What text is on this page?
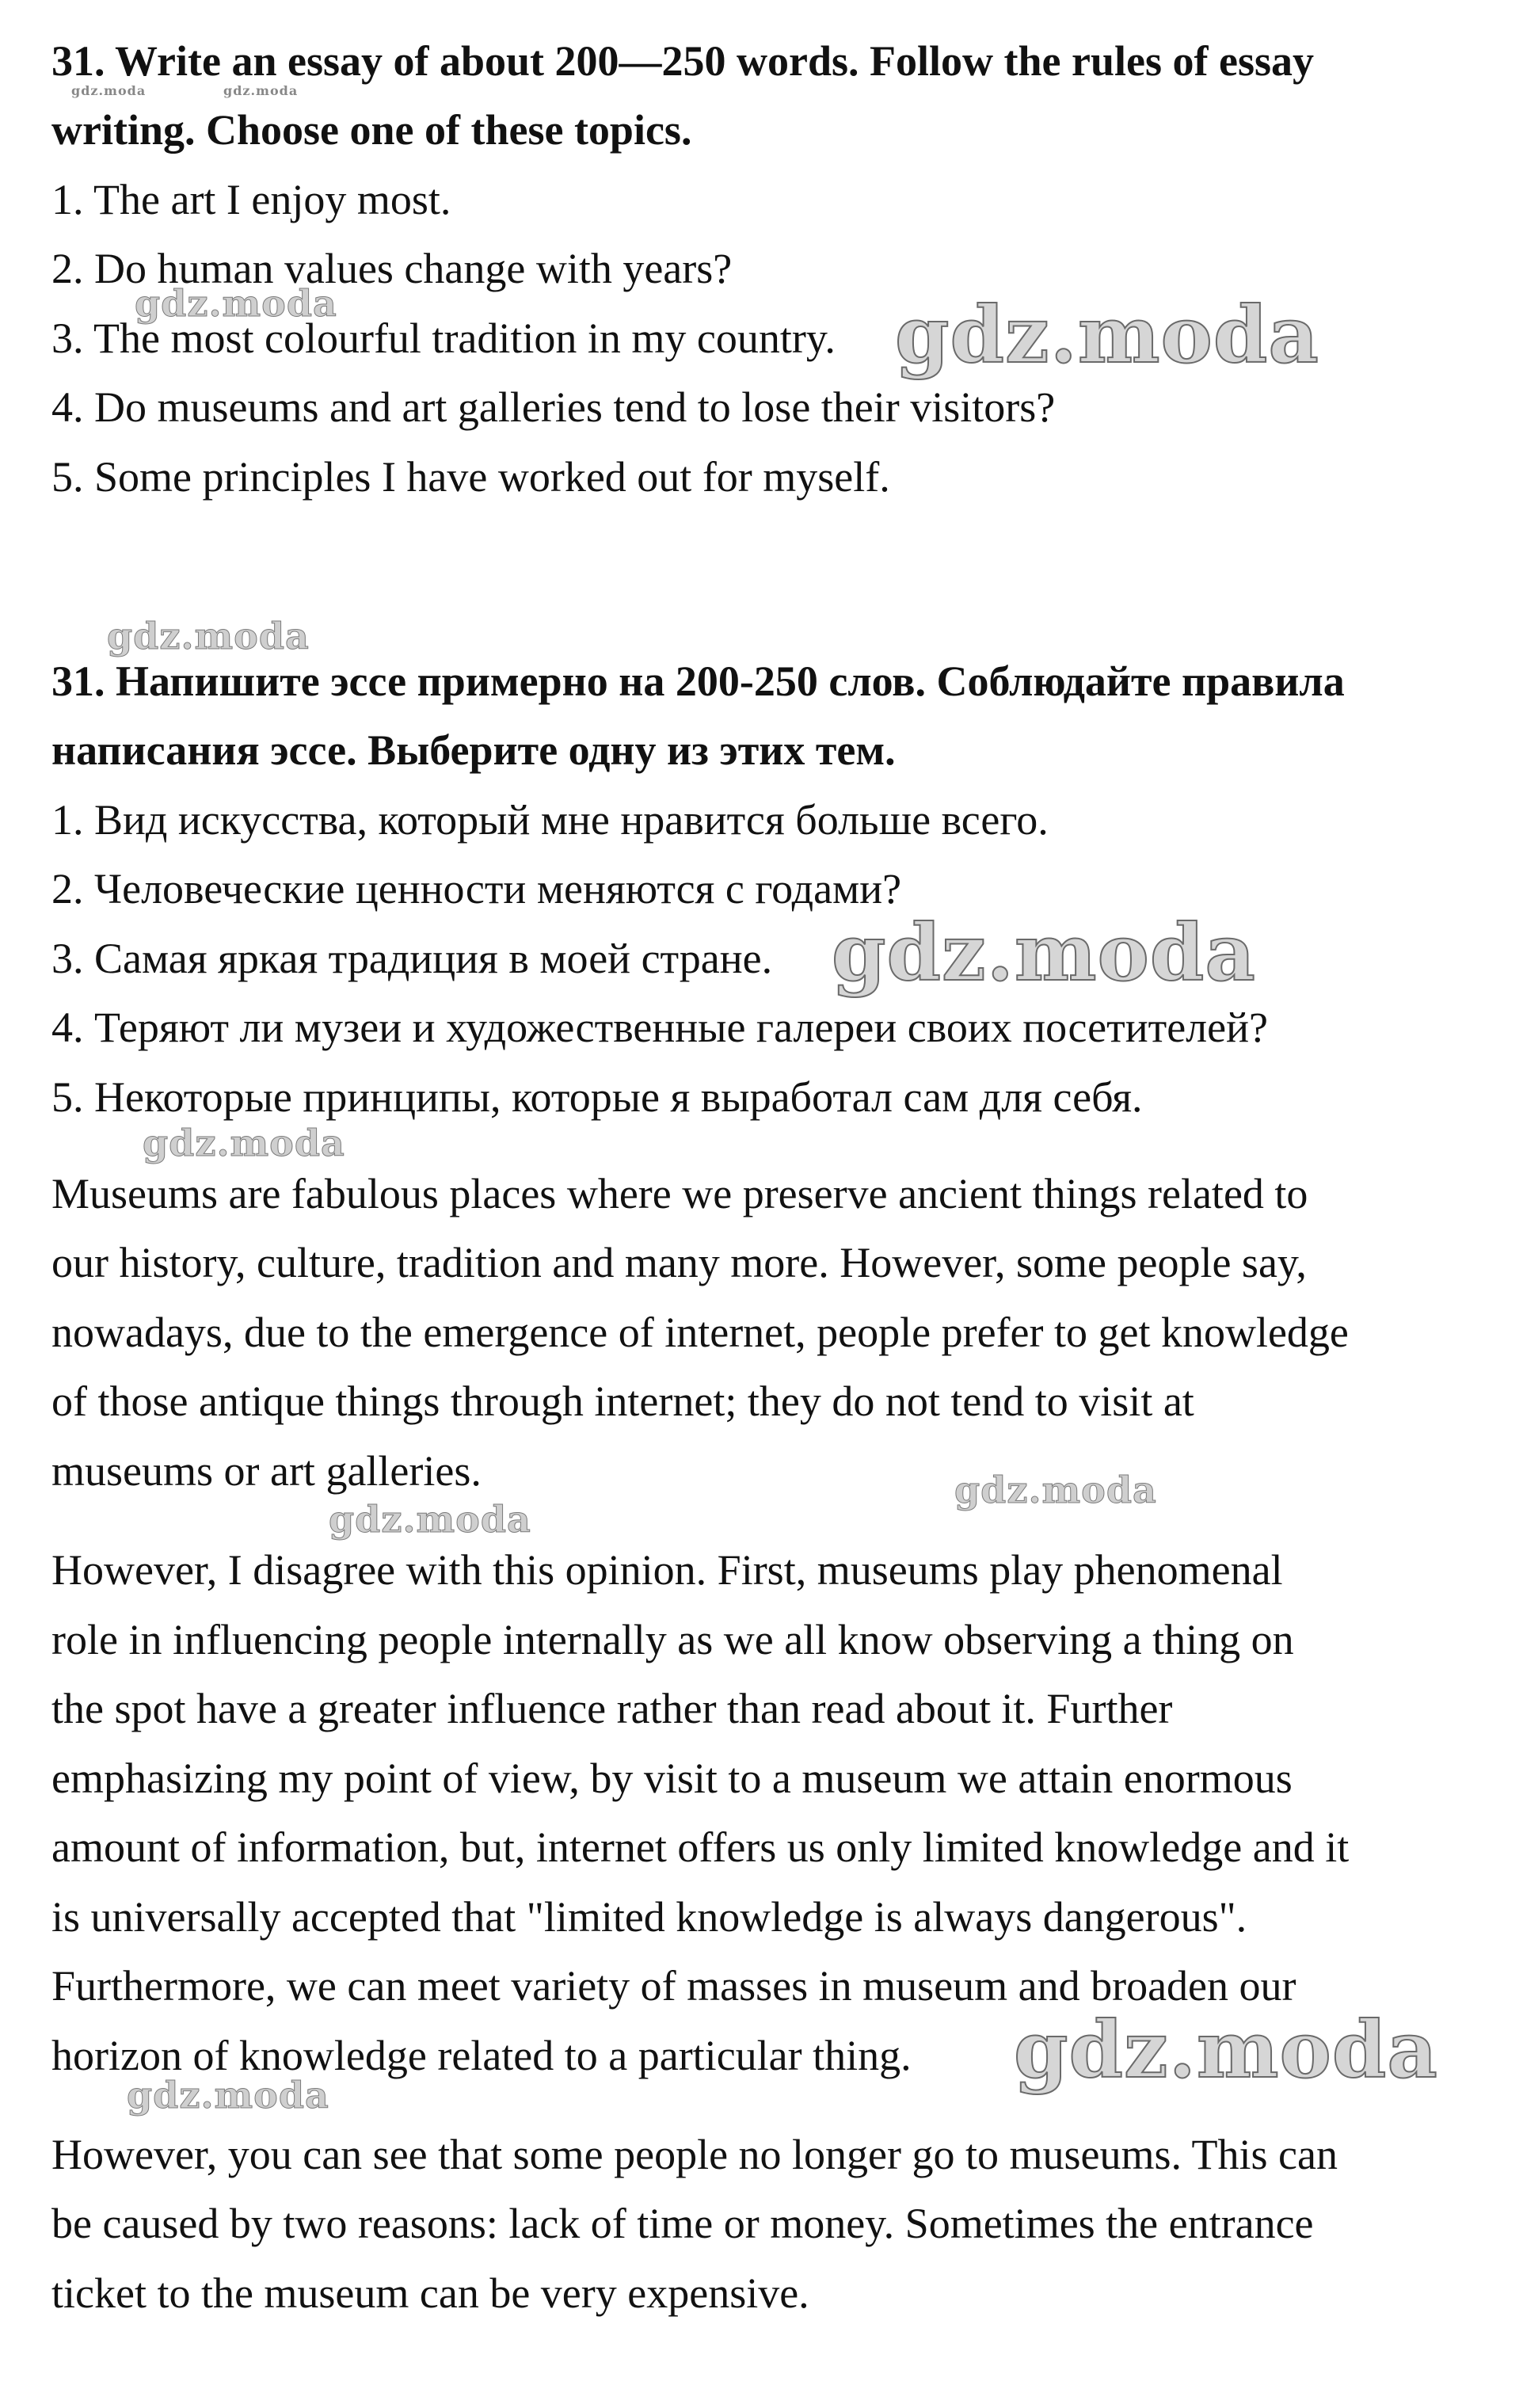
31. Write an essay of about 200—250 words. Follow the rules of essay
writing. Choose one of these topics.
1. The art I enjoy most.
2. Do human values change with years?
3. The most colourful tradition in my country.
4. Do museums and art galleries tend to lose their visitors?
5. Some principles I have worked out for myself.
31. Напишите эссе примерно на 200-250 слов. Соблюдайте правила
написания эссе. Выберите одну из этих тем.
1. Вид искусства, который мне нравится больше всего.
2. Человеческие ценности меняются с годами?
3. Самая яркая традиция в моей стране.
4. Теряют ли музеи и художественные галереи своих посетителей?
5. Некоторые принципы, которые я выработал сам для себя.
Museums are fabulous places where we preserve ancient things related to
our history, culture, tradition and many more. However, some people say,
nowadays, due to the emergence of internet, people prefer to get knowledge
of those antique things through internet; they do not tend to visit at
museums or art galleries.
However, I disagree with this opinion. First, museums play phenomenal
role in influencing people internally as we all know observing a thing on
the spot have a greater influence rather than read about it. Further
emphasizing my point of view, by visit to a museum we attain enormous
amount of information, but, internet offers us only limited knowledge and it
is universally accepted that "limited knowledge is always dangerous".
Furthermore, we can meet variety of masses in museum and broaden our
horizon of knowledge related to a particular thing.
However, you can see that some people no longer go to museums. This can
be caused by two reasons: lack of time or money. Sometimes the entrance
ticket to the museum can be very expensive.
gdz.moda	gdz.moda
gdz.moda	gdz.moda
gdz.moda
gdz.moda
gdz.moda
gdz.moda
gdz.moda
gdz.moda
gdz.moda
